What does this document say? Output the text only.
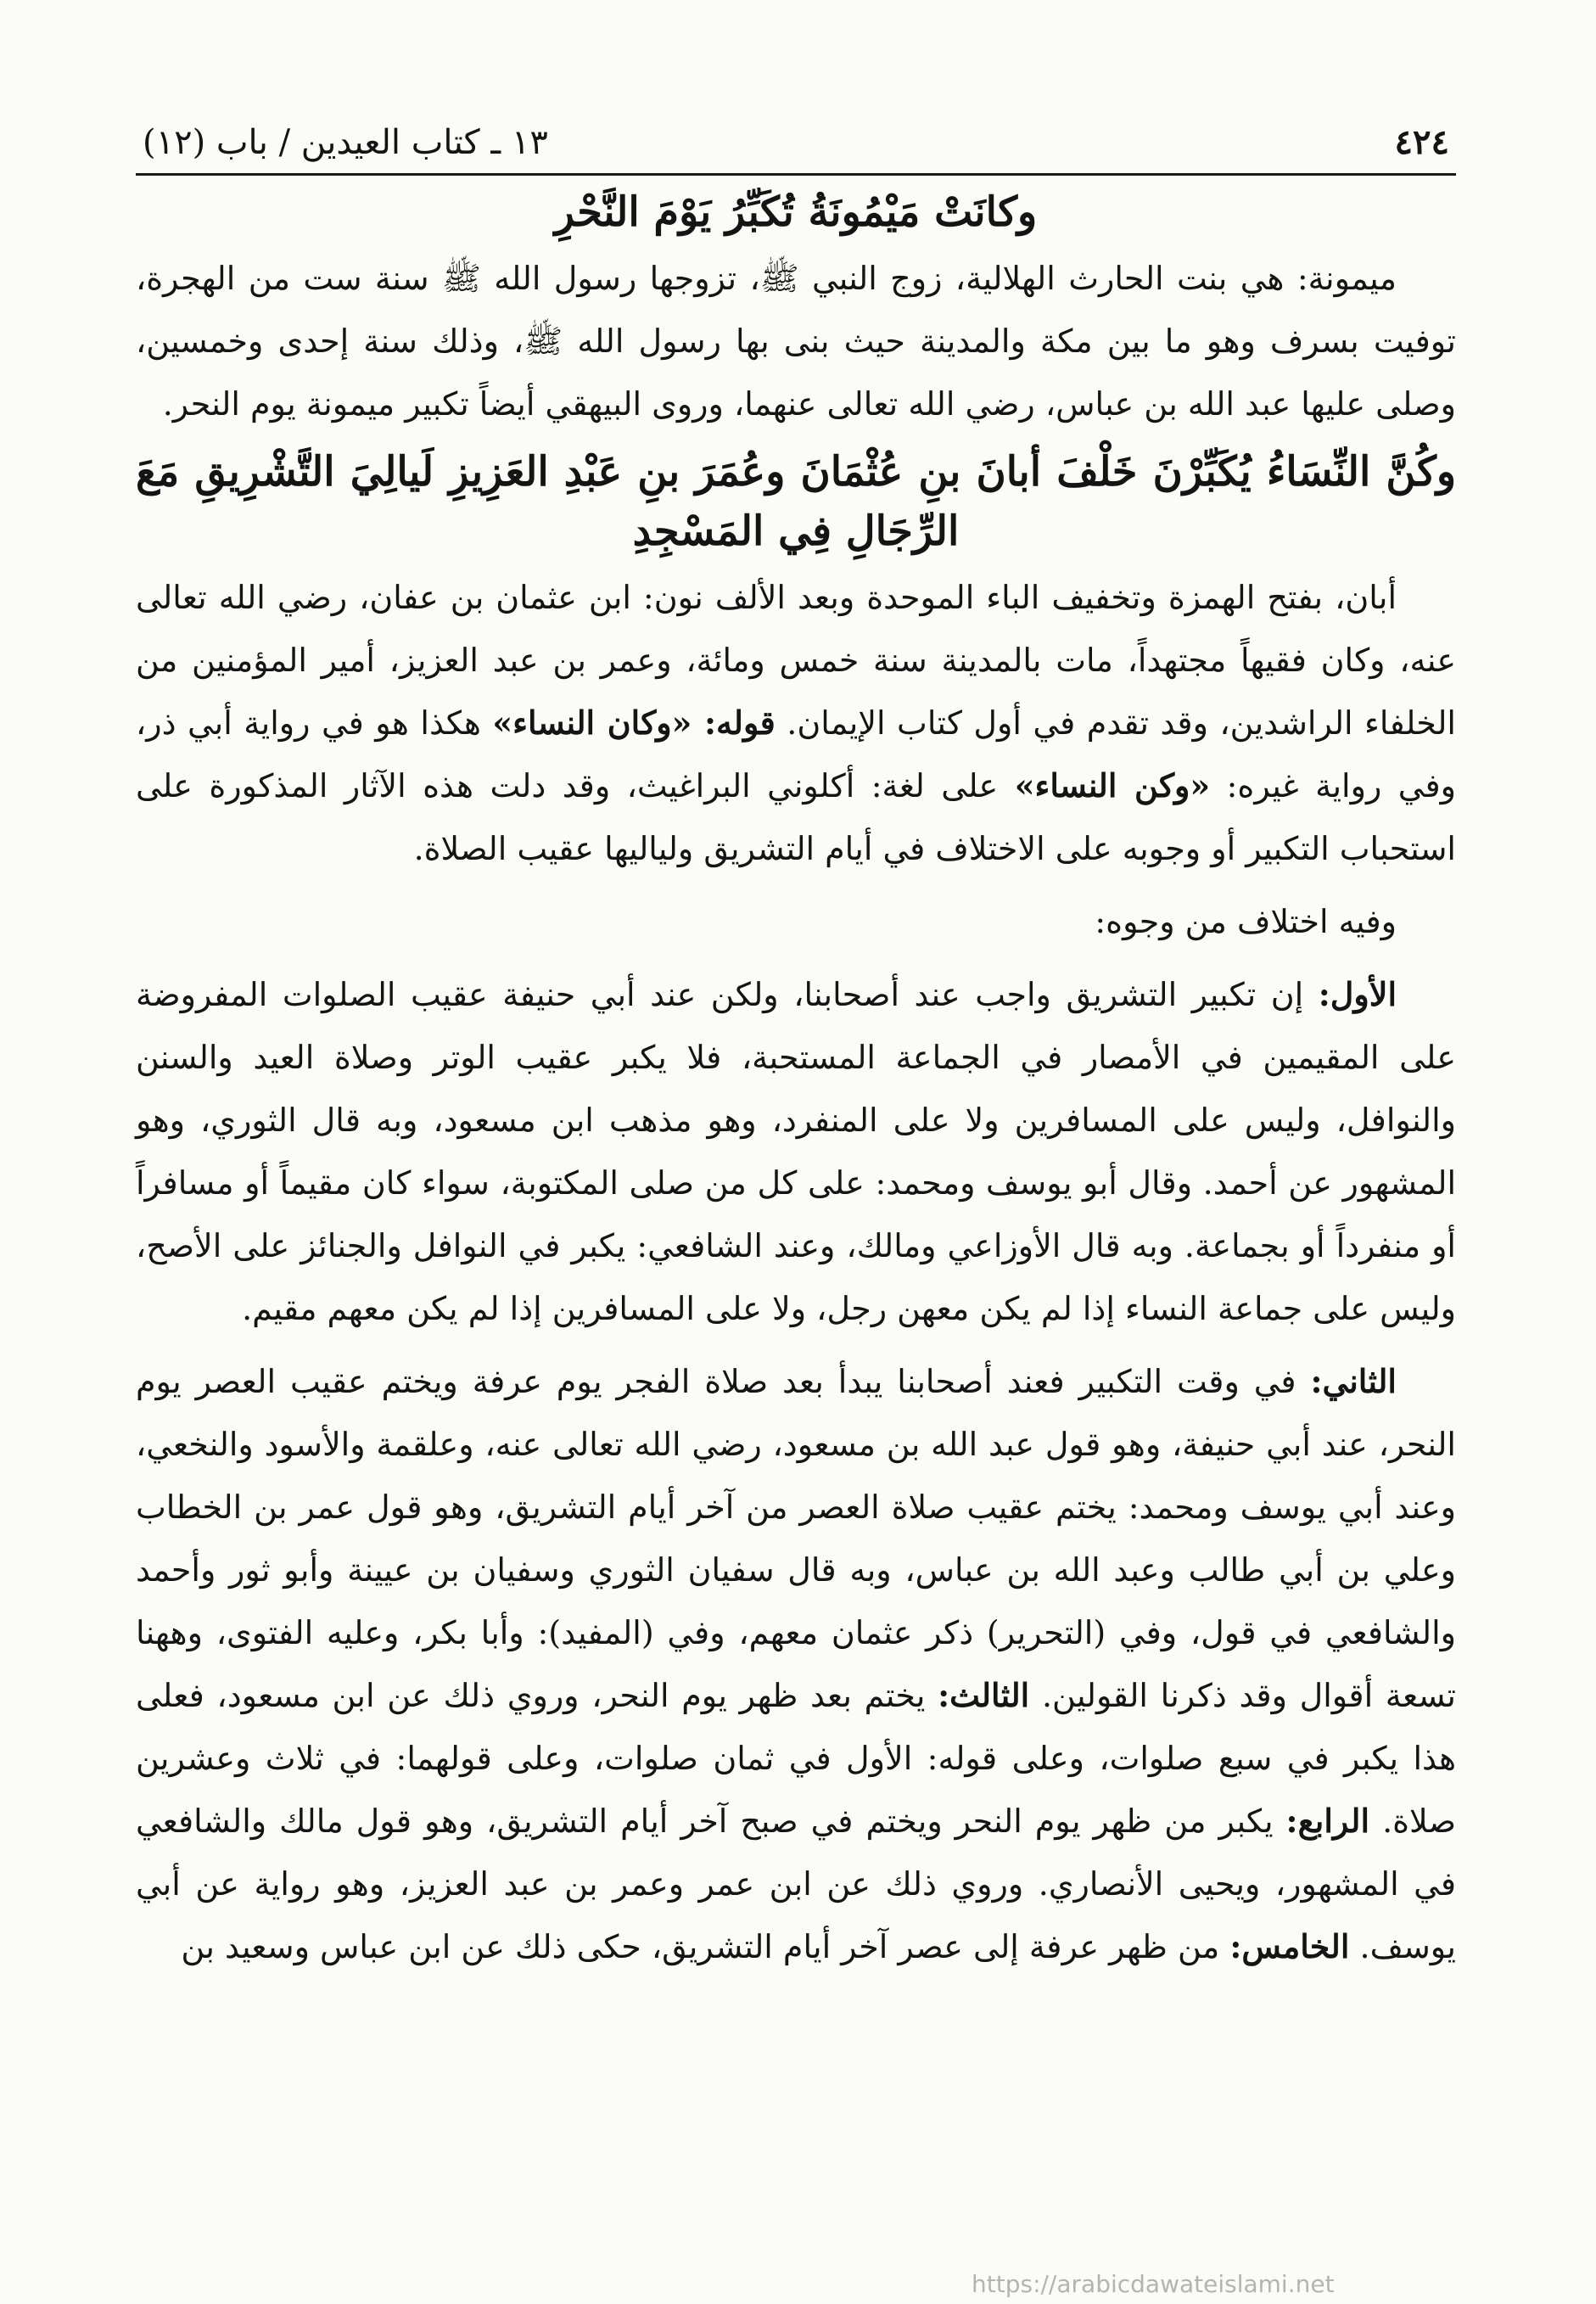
٤٢٤
١٣ ـ كتاب العيدين / باب (١٢)
وكانَتْ مَيْمُونَةُ تُكَبِّرُ يَوْمَ النَّحْرِ

ميمونة: هي بنت الحارث الهلالية، زوج النبي ﷺ، تزوجها رسول الله ﷺ سنة ست من الهجرة، توفيت بسرف وهو ما بين مكة والمدينة حيث بنى بها رسول الله ﷺ، وذلك سنة إحدى وخمسين، وصلى عليها عبد الله بن عباس، رضي الله تعالى عنهما، وروى البيهقي أيضاً تكبير ميمونة يوم النحر.

وكُنَّ النِّسَاءُ يُكَبِّرْنَ خَلْفَ أبانَ بنِ عُثْمَانَ وعُمَرَ بنِ عَبْدِ العَزِيزِ لَيالِيَ التَّشْرِيقِ مَعَ الرِّجَالِ فِي المَسْجِدِ

أبان، بفتح الهمزة وتخفيف الباء الموحدة وبعد الألف نون: ابن عثمان بن عفان، رضي الله تعالى عنه، وكان فقيهاً مجتهداً، مات بالمدينة سنة خمس ومائة، وعمر بن عبد العزيز، أمير المؤمنين من الخلفاء الراشدين، وقد تقدم في أول كتاب الإيمان. قوله: «وكان النساء» هكذا هو في رواية أبي ذر، وفي رواية غيره: «وكن النساء» على لغة: أكلوني البراغيث، وقد دلت هذه الآثار المذكورة على استحباب التكبير أو وجوبه على الاختلاف في أيام التشريق ولياليها عقيب الصلاة.

وفيه اختلاف من وجوه:

الأول: إن تكبير التشريق واجب عند أصحابنا، ولكن عند أبي حنيفة عقيب الصلوات المفروضة على المقيمين في الأمصار في الجماعة المستحبة، فلا يكبر عقيب الوتر وصلاة العيد والسنن والنوافل، وليس على المسافرين ولا على المنفرد، وهو مذهب ابن مسعود، وبه قال الثوري، وهو المشهور عن أحمد. وقال أبو يوسف ومحمد: على كل من صلى المكتوبة، سواء كان مقيماً أو مسافراً أو منفرداً أو بجماعة. وبه قال الأوزاعي ومالك، وعند الشافعي: يكبر في النوافل والجنائز على الأصح، وليس على جماعة النساء إذا لم يكن معهن رجل، ولا على المسافرين إذا لم يكن معهم مقيم.

الثاني: في وقت التكبير فعند أصحابنا يبدأ بعد صلاة الفجر يوم عرفة ويختم عقيب العصر يوم النحر، عند أبي حنيفة، وهو قول عبد الله بن مسعود، رضي الله تعالى عنه، وعلقمة والأسود والنخعي، وعند أبي يوسف ومحمد: يختم عقيب صلاة العصر من آخر أيام التشريق، وهو قول عمر بن الخطاب وعلي بن أبي طالب وعبد الله بن عباس، وبه قال سفيان الثوري وسفيان بن عيينة وأبو ثور وأحمد والشافعي في قول، وفي (التحرير) ذكر عثمان معهم، وفي (المفيد): وأبا بكر، وعليه الفتوى، وههنا تسعة أقوال وقد ذكرنا القولين. الثالث: يختم بعد ظهر يوم النحر، وروي ذلك عن ابن مسعود، فعلى هذا يكبر في سبع صلوات، وعلى قوله: الأول في ثمان صلوات، وعلى قولهما: في ثلاث وعشرين صلاة. الرابع: يكبر من ظهر يوم النحر ويختم في صبح آخر أيام التشريق، وهو قول مالك والشافعي في المشهور، ويحيى الأنصاري. وروي ذلك عن ابن عمر وعمر بن عبد العزيز، وهو رواية عن أبي يوسف. الخامس: من ظهر عرفة إلى عصر آخر أيام التشريق، حكى ذلك عن ابن عباس وسعيد بن

https://arabicdawateislami.net
